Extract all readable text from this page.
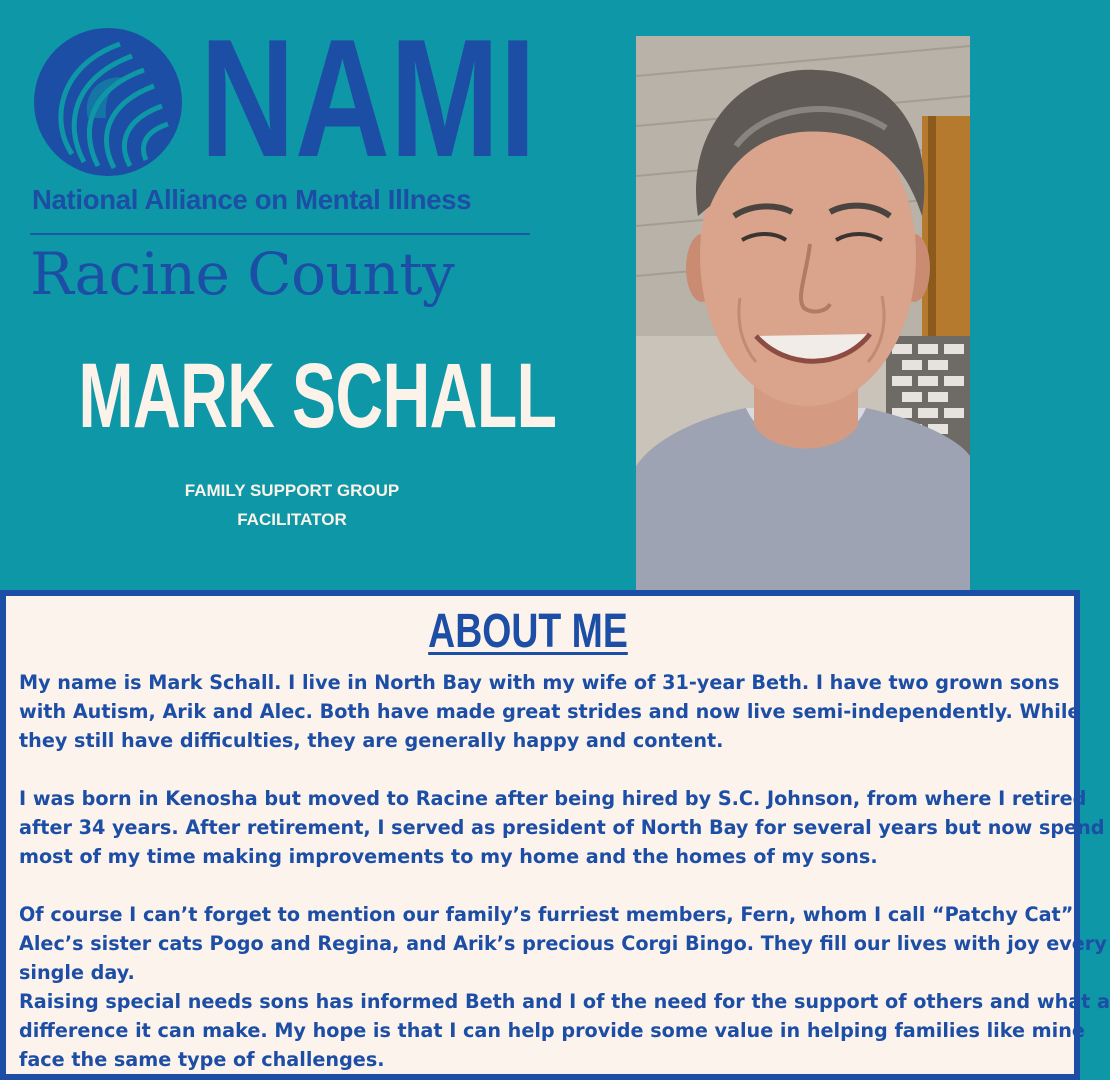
NAMI
National Alliance on Mental Illness
Racine County
MARK SCHALL
FAMILY SUPPORT GROUP
FACILITATOR
ABOUT ME
My name is Mark Schall. I live in North Bay with my wife of 31-year Beth. I have two grown sons
with Autism, Arik and Alec. Both have made great strides and now live semi-independently. While
they still have difficulties, they are generally happy and content.
I was born in Kenosha but moved to Racine after being hired by S.C. Johnson, from where I retired
after 34 years. After retirement, I served as president of North Bay for several years but now spend
most of my time making improvements to my home and the homes of my sons.
Of course I can’t forget to mention our family’s furriest members, Fern, whom I call “Patchy Cat”,
Alec’s sister cats Pogo and Regina, and Arik’s precious Corgi Bingo. They fill our lives with joy every
single day.
Raising special needs sons has informed Beth and I of the need for the support of others and what a
difference it can make. My hope is that I can help provide some value in helping families like mine
face the same type of challenges.
